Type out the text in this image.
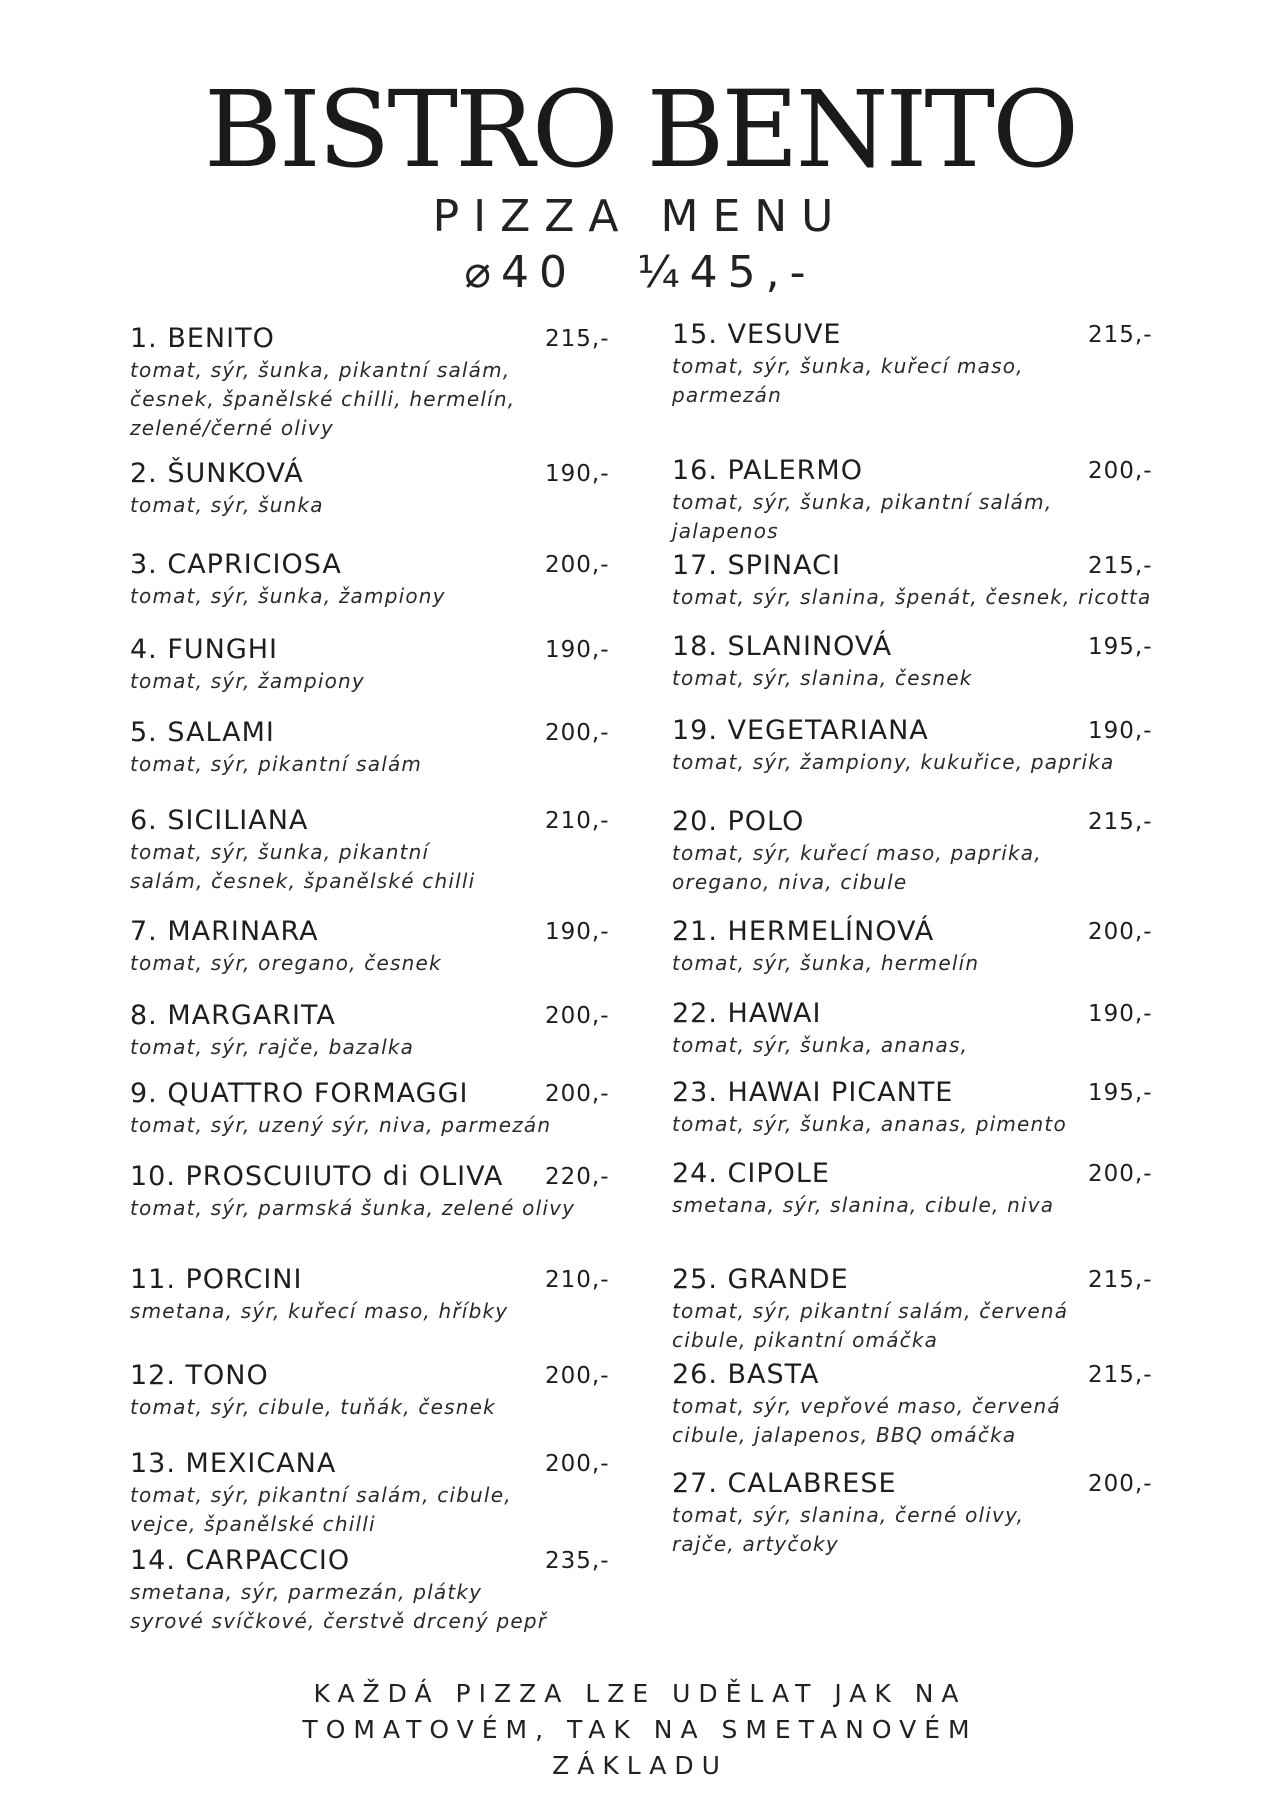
BISTRO BENITO
PIZZA MENU
⌀40 ¼45,-
1. BENITO	215,-
tomat, sýr, šunka, pikantní salám,
česnek, španělské chilli, hermelín,
zelené/černé olivy
2. ŠUNKOVÁ	190,-
tomat, sýr, šunka
3. CAPRICIOSA	200,-
tomat, sýr, šunka, žampiony
4. FUNGHI	190,-
tomat, sýr, žampiony
5. SALAMI	200,-
tomat, sýr, pikantní salám
6. SICILIANA	210,-
tomat, sýr, šunka, pikantní
salám, česnek, španělské chilli
7. MARINARA	190,-
tomat, sýr, oregano, česnek
8. MARGARITA	200,-
tomat, sýr, rajče, bazalka
9. QUATTRO FORMAGGI	200,-
tomat, sýr, uzený sýr, niva, parmezán
10. PROSCUIUTO di OLIVA 220,-
tomat, sýr, parmská šunka, zelené olivy
11. PORCINI	210,-
smetana, sýr, kuřecí maso, hříbky
12. TONO	200,-
tomat, sýr, cibule, tuňák, česnek
13. MEXICANA	200,-
tomat, sýr, pikantní salám, cibule,
vejce, španělské chilli
14. CARPACCIO	235,-
smetana, sýr, parmezán, plátky
syrové svíčkové, čerstvě drcený pepř
15. VESUVE	215,-
tomat, sýr, šunka, kuřecí maso,
parmezán
16. PALERMO	200,-
tomat, sýr, šunka, pikantní salám,
jalapenos
17. SPINACI	215,-
tomat, sýr, slanina, špenát, česnek, ricotta
18. SLANINOVÁ	195,-
tomat, sýr, slanina, česnek
19. VEGETARIANA	190,-
tomat, sýr, žampiony, kukuřice, paprika
20. POLO	215,-
tomat, sýr, kuřecí maso, paprika,
oregano, niva, cibule
21. HERMELÍNOVÁ	200,-
tomat, sýr, šunka, hermelín
22. HAWAI	190,-
tomat, sýr, šunka, ananas,
23. HAWAI PICANTE	195,-
tomat, sýr, šunka, ananas, pimento
24. CIPOLE	200,-
smetana, sýr, slanina, cibule, niva
25. GRANDE	215,-
tomat, sýr, pikantní salám, červená
cibule, pikantní omáčka
26. BASTA	215,-
tomat, sýr, vepřové maso, červená
cibule, jalapenos, BBQ omáčka
27. CALABRESE	200,-
tomat, sýr, slanina, černé olivy,
rajče, artyčoky
KAŽDÁ PIZZA LZE UDĚLAT JAK NA
TOMATOVÉM, TAK NA SMETANOVÉM
ZÁKLADU
